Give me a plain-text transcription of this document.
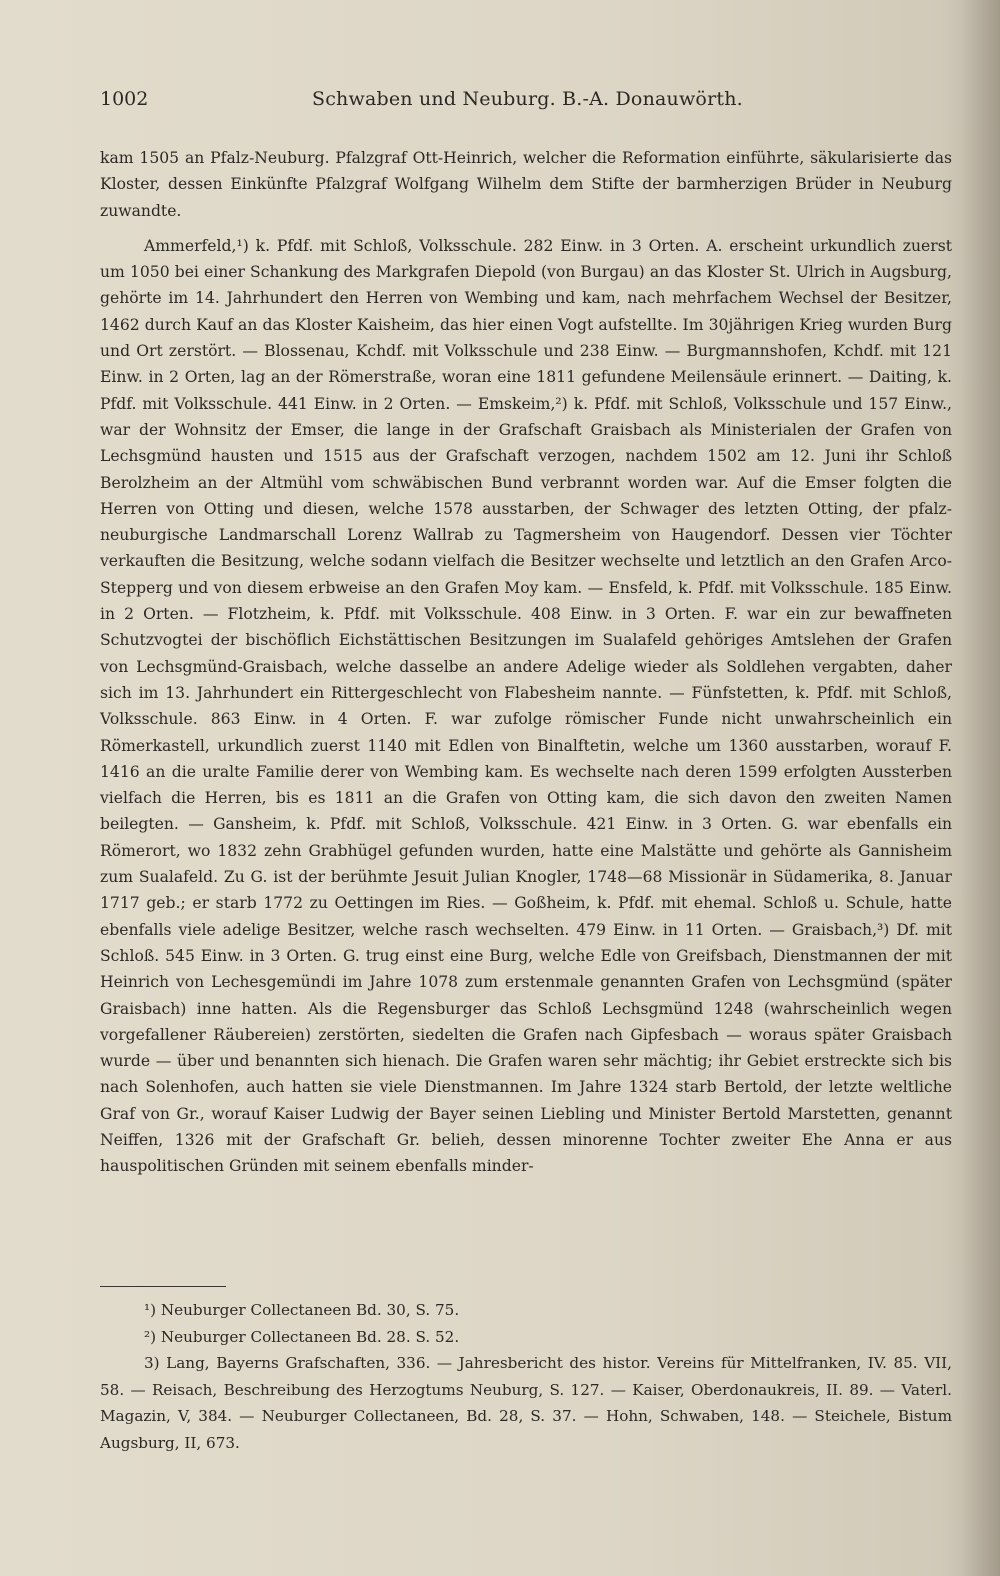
1002	Schwaben und Neuburg. B.-A. Donauwörth.

kam 1505 an Pfalz-Neuburg. Pfalzgraf Ott-Heinrich, welcher die Reformation einführte, säkularisierte das Kloster, dessen Einkünfte Pfalzgraf Wolfgang Wilhelm dem Stifte der barmherzigen Brüder in Neuburg zuwandte.

Ammerfeld,¹) k. Pfdf. mit Schloß, Volksschule. 282 Einw. in 3 Orten. A. erscheint urkundlich zuerst um 1050 bei einer Schankung des Markgrafen Diepold (von Burgau) an das Kloster St. Ulrich in Augsburg, gehörte im 14. Jahrhundert den Herren von Wembing und kam, nach mehrfachem Wechsel der Besitzer, 1462 durch Kauf an das Kloster Kaisheim, das hier einen Vogt aufstellte. Im 30jährigen Krieg wurden Burg und Ort zerstört. — Blossenau, Kchdf. mit Volksschule und 238 Einw. — Burgmannshofen, Kchdf. mit 121 Einw. in 2 Orten, lag an der Römerstraße, woran eine 1811 gefundene Meilensäule erinnert. — Daiting, k. Pfdf. mit Volksschule. 441 Einw. in 2 Orten. — Emskeim,²) k. Pfdf. mit Schloß, Volksschule und 157 Einw., war der Wohnsitz der Emser, die lange in der Grafschaft Graisbach als Ministerialen der Grafen von Lechsgmünd hausten und 1515 aus der Grafschaft verzogen, nachdem 1502 am 12. Juni ihr Schloß Berolzheim an der Altmühl vom schwäbischen Bund verbrannt worden war. Auf die Emser folgten die Herren von Otting und diesen, welche 1578 ausstarben, der Schwager des letzten Otting, der pfalz-neuburgische Landmarschall Lorenz Wallrab zu Tagmersheim von Haugendorf. Dessen vier Töchter verkauften die Besitzung, welche sodann vielfach die Besitzer wechselte und letztlich an den Grafen Arco-Stepperg und von diesem erbweise an den Grafen Moy kam. — Ensfeld, k. Pfdf. mit Volksschule. 185 Einw. in 2 Orten. — Flotzheim, k. Pfdf. mit Volksschule. 408 Einw. in 3 Orten. F. war ein zur bewaffneten Schutzvogtei der bischöflich Eichstättischen Besitzungen im Sualafeld gehöriges Amtslehen der Grafen von Lechsgmünd-Graisbach, welche dasselbe an andere Adelige wieder als Soldlehen vergabten, daher sich im 13. Jahrhundert ein Rittergeschlecht von Flabesheim nannte. — Fünfstetten, k. Pfdf. mit Schloß, Volksschule. 863 Einw. in 4 Orten. F. war zufolge römischer Funde nicht unwahrscheinlich ein Römerkastell, urkundlich zuerst 1140 mit Edlen von Binalftetin, welche um 1360 ausstarben, worauf F. 1416 an die uralte Familie derer von Wembing kam. Es wechselte nach deren 1599 erfolgten Aussterben vielfach die Herren, bis es 1811 an die Grafen von Otting kam, die sich davon den zweiten Namen beilegten. — Gansheim, k. Pfdf. mit Schloß, Volksschule. 421 Einw. in 3 Orten. G. war ebenfalls ein Römerort, wo 1832 zehn Grabhügel gefunden wurden, hatte eine Malstätte und gehörte als Gannisheim zum Sualafeld. Zu G. ist der berühmte Jesuit Julian Knogler, 1748—68 Missionär in Südamerika, 8. Januar 1717 geb.; er starb 1772 zu Oettingen im Ries. — Goßheim, k. Pfdf. mit ehemal. Schloß u. Schule, hatte ebenfalls viele adelige Besitzer, welche rasch wechselten. 479 Einw. in 11 Orten. — Graisbach,³) Df. mit Schloß. 545 Einw. in 3 Orten. G. trug einst eine Burg, welche Edle von Greifsbach, Dienstmannen der mit Heinrich von Lechesgemündi im Jahre 1078 zum erstenmale genannten Grafen von Lechsgmünd (später Graisbach) inne hatten. Als die Regensburger das Schloß Lechsgmünd 1248 (wahrscheinlich wegen vorgefallener Räubereien) zerstörten, siedelten die Grafen nach Gipfesbach — woraus später Graisbach wurde — über und benannten sich hienach. Die Grafen waren sehr mächtig; ihr Gebiet erstreckte sich bis nach Solenhofen, auch hatten sie viele Dienstmannen. Im Jahre 1324 starb Bertold, der letzte weltliche Graf von Gr., worauf Kaiser Ludwig der Bayer seinen Liebling und Minister Bertold Marstetten, genannt Neiffen, 1326 mit der Grafschaft Gr. belieh, dessen minorenne Tochter zweiter Ehe Anna er aus hauspolitischen Gründen mit seinem ebenfalls minder-

¹) Neuburger Collectaneen Bd. 30, S. 75.

²) Neuburger Collectaneen Bd. 28. S. 52.

3) Lang, Bayerns Grafschaften, 336. — Jahresbericht des histor. Vereins für Mittelfranken, IV. 85. VII, 58. — Reisach, Beschreibung des Herzogtums Neuburg, S. 127. — Kaiser, Oberdonaukreis, II. 89. — Vaterl. Magazin, V, 384. — Neuburger Collectaneen, Bd. 28, S. 37. — Hohn, Schwaben, 148. — Steichele, Bistum Augsburg, II, 673.
